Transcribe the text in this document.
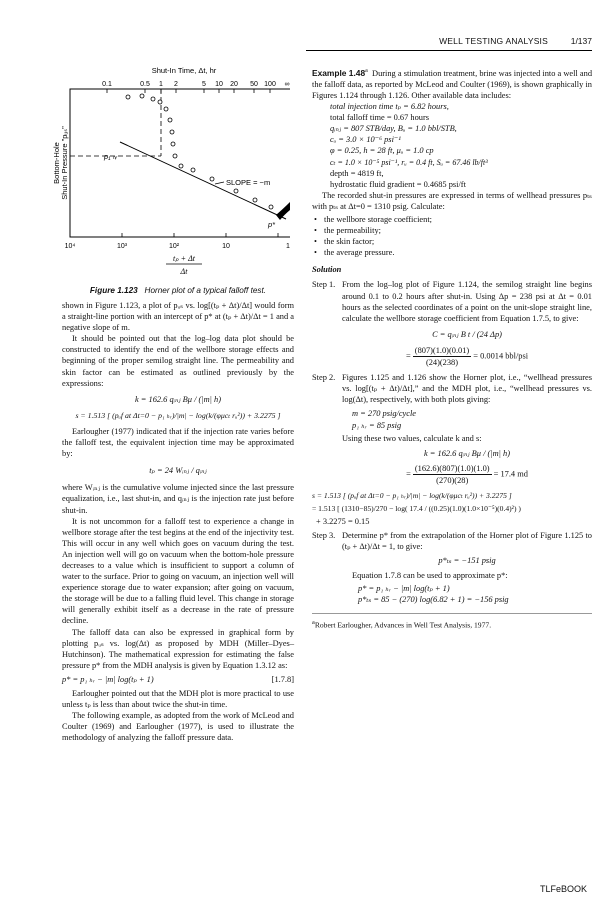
WELL TESTING ANALYSIS	1/137
Shut-In Time, Δt, hr
0.1	0.5 1 2	5 10 20 50 100 ∞
Bottom-Hole Shut-In Pressure "pᵤₛ"	p₁ ₕᵣ
SLOPE = −m
p*
10⁴	10³	10²	10	1
tₚ + Δt
Δt
Figure 1.123 Horner plot of a typical falloff test.

shown in Figure 1.123, a plot of pᵤₛ vs. log[(tₚ + Δt)/Δt] would form a straight-line portion with an intercept of p* at (tₚ + Δt)/Δt = 1 and a negative slope of m.

It should be pointed out that the log–log data plot should be constructed to identify the end of the wellbore storage effects and beginning of the proper semilog straight line. The permeability and skin factor can be estimated as outlined previously by the expressions:

k = 162.6 qᵢₙⱼ Bμ / (|m| h)

s = 1.513 [ (pᵤf at Δt=0 − p₁ ₕᵣ)/|m| − log(k/(φμcₜ rᵤ²)) + 3.2275 ]

Earlougher (1977) indicated that if the injection rate varies before the falloff test, the equivalent injection time may be approximated by:

tₚ = 24 Wᵢₙⱼ / qᵢₙⱼ

where Wᵢₙⱼ is the cumulative volume injected since the last pressure equalization, i.e., last shut-in, and qᵢₙⱼ is the injection rate just before shut-in.

It is not uncommon for a falloff test to experience a change in wellbore storage after the test begins at the end of the injectivity test. This will occur in any well which goes on vacuum during the test. An injection well will go on vacuum when the bottom-hole pressure decreases to a value which is insufficient to support a column of water to the surface. Prior to going on vacuum, an injection well will experience storage due to water expansion; after going on vacuum, the storage will be due to a falling fluid level. This change in storage will generally exhibit itself as a decrease in the rate of pressure decline.

The falloff data can also be expressed in graphical form by plotting pᵤₛ vs. log(Δt) as proposed by MDH (Miller–Dyes–Hutchinson). The mathematical expression for estimating the false pressure p* from the MDH analysis is given by Equation 1.3.12 as:

p* = p₁ ₕᵣ − |m| log(tₚ + 1)	[1.7.8]

Earlougher pointed out that the MDH plot is more practical to use unless tₚ is less than about twice the shut-in time.

The following example, as adopted from the work of McLeod and Coulter (1969) and Earlougher (1977), is used to illustrate the methodology of analyzing the falloff pressure data.

Example 1.48$^a$ During a stimulation treatment, brine was injected into a well and the falloff data, as reported by McLeod and Coulter (1969), is shown graphically in Figures 1.124 through 1.126. Other available data includes:

total injection time tₚ = 6.82 hours,
total falloff time = 0.67 hours
qᵢₙⱼ = 807 STB/day, Bᵤ = 1.0 bbl/STB,
cᵤ = 3.0 × 10⁻⁶ psi⁻¹
φ = 0.25, h = 28 ft, μᵤ = 1.0 cp
cₜ = 1.0 × 10⁻⁵ psi⁻¹, rᵤ = 0.4 ft, Sᵤ = 67.46 lb/ft³
depth = 4819 ft,
hydrostatic fluid gradient = 0.4685 psi/ft

The recorded shut-in pressures are expressed in terms of wellhead pressures pₜₛ with pₜₛ at Δt=0 = 1310 psig. Calculate:

• the wellbore storage coefficient;
• the permeability;
• the skin factor;
• the average pressure.

Solution

Step 1. From the log–log plot of Figure 1.124, the semilog straight line begins around 0.1 to 0.2 hours after shut-in. Using Δp = 238 psi at Δt = 0.01 hours as the selected coordinates of a point on the unit-slope straight line, calculate the wellbore storage coefficient from Equation 1.7.5, to give:

C = qᵢₙⱼ B t / (24 Δp)

= $\frac{(807)(1.0)(0.01)}{(24)(238)} = 0.0014$ bbl/psi
Step 2. Figures 1.125 and 1.126 show the Horner plot, i.e., “wellhead pressures vs. log[(tₚ + Δt)/Δt],” and the MDH plot, i.e., “wellhead pressures vs. log(Δt), respectively, with both plots giving:

m = 270 psig/cycle

p₁ ₕᵣ = 85 psig

Using these two values, calculate k and s:

k = 162.6 qᵢₙⱼ Bμ / (|m| h)

= $\frac{(162.6)(807)(1.0)(1.0)}{(270)(28)} = 17.4$ md

s = 1.513 [ (pᵤf at Δt=0 − p₁ ₕᵣ)/|m| − log(k/(φμcₜ rᵤ²)) + 3.2275 ]

= 1.513 [ (1310−85)/270 − log( 17.4 / ((0.25)(1.0)(1.0×10⁻⁵)(0.4)²) )

+ 3.2275 = 0.15

Step 3. Determine p* from the extrapolation of the Horner plot of Figure 1.125 to (tₚ + Δt)/Δt = 1, to give:

p*ₜₛ = −151 psig

Equation 1.7.8 can be used to approximate p*:

p* = p₁ ₕᵣ − |m| log(tₚ + 1)

p*ₜₛ = 85 − (270) log(6.82 + 1) = −156 psig

$^a$Robert Earlougher, Advances in Well Test Analysis, 1977.
TLFeBOOK
